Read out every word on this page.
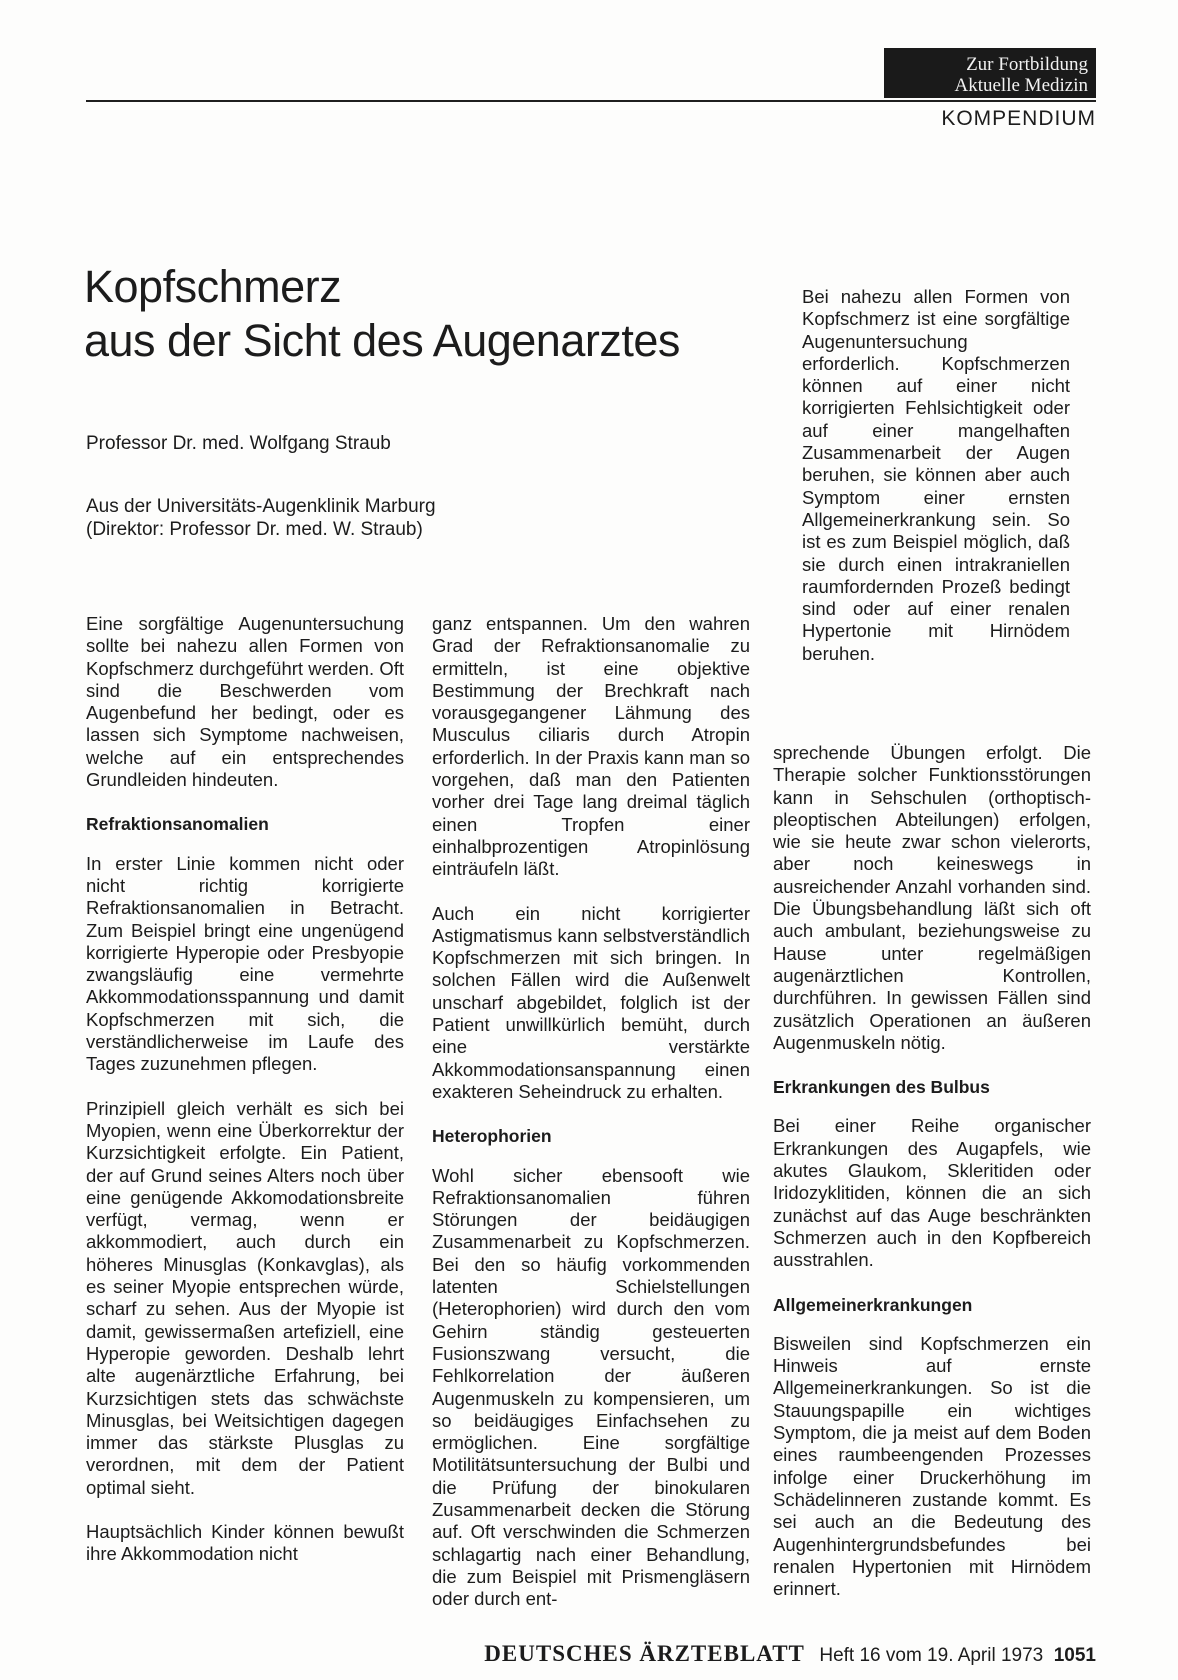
Zur Fortbildung
Aktuelle Medizin
KOMPENDIUM
Kopfschmerz
aus der Sicht des Augenarztes
Professor Dr. med. Wolfgang Straub
Aus der Universitäts-Augenklinik Marburg
(Direktor: Professor Dr. med. W. Straub)
Bei nahezu allen Formen von Kopfschmerz ist eine sorgfältige Augenuntersuchung erforderlich. Kopfschmerzen können auf einer nicht korrigierten Fehlsichtigkeit oder auf einer mangelhaften Zusammenarbeit der Augen beruhen, sie können aber auch Symptom einer ernsten Allgemeinerkrankung sein. So ist es zum Beispiel möglich, daß sie durch einen intrakraniellen raumfordernden Prozeß bedingt sind oder auf einer renalen Hypertonie mit Hirnödem beruhen.

Eine sorgfältige Augenuntersuchung sollte bei nahezu allen Formen von Kopfschmerz durchgeführt werden. Oft sind die Beschwerden vom Augenbefund her bedingt, oder es lassen sich Symptome nachweisen, welche auf ein entsprechendes Grundleiden hindeuten.

Refraktionsanomalien

In erster Linie kommen nicht oder nicht richtig korrigierte Refraktionsanomalien in Betracht. Zum Beispiel bringt eine ungenügend korrigierte Hyperopie oder Presbyopie zwangsläufig eine vermehrte Akkommodationsspannung und damit Kopfschmerzen mit sich, die verständlicherweise im Laufe des Tages zuzunehmen pflegen.

Prinzipiell gleich verhält es sich bei Myopien, wenn eine Überkorrektur der Kurzsichtigkeit erfolgte. Ein Patient, der auf Grund seines Alters noch über eine genügende Akkomodationsbreite verfügt, vermag, wenn er akkommodiert, auch durch ein höheres Minusglas (Konkavglas), als es seiner Myopie entsprechen würde, scharf zu sehen. Aus der Myopie ist damit, gewissermaßen artefiziell, eine Hyperopie geworden. Deshalb lehrt alte augenärztliche Erfahrung, bei Kurzsichtigen stets das schwächste Minusglas, bei Weitsichtigen dagegen immer das stärkste Plusglas zu verordnen, mit dem der Patient optimal sieht.

Hauptsächlich Kinder können bewußt ihre Akkommodation nicht

ganz entspannen. Um den wahren Grad der Refraktionsanomalie zu ermitteln, ist eine objektive Bestimmung der Brechkraft nach vorausgegangener Lähmung des Musculus ciliaris durch Atropin erforderlich. In der Praxis kann man so vorgehen, daß man den Patienten vorher drei Tage lang dreimal täglich einen Tropfen einer einhalbprozentigen Atropinlösung einträufeln läßt.

Auch ein nicht korrigierter Astigmatismus kann selbstverständlich Kopfschmerzen mit sich bringen. In solchen Fällen wird die Außenwelt unscharf abgebildet, folglich ist der Patient unwillkürlich bemüht, durch eine verstärkte Akkommodationsanspannung einen exakteren Seheindruck zu erhalten.

Heterophorien

Wohl sicher ebensooft wie Refraktionsanomalien führen Störungen der beidäugigen Zusammenarbeit zu Kopfschmerzen. Bei den so häufig vorkommenden latenten Schielstellungen (Heterophorien) wird durch den vom Gehirn ständig gesteuerten Fusionszwang versucht, die Fehlkorrelation der äußeren Augenmuskeln zu kompensieren, um so beidäugiges Einfachsehen zu ermöglichen. Eine sorgfältige Motilitätsuntersuchung der Bulbi und die Prüfung der binokularen Zusammenarbeit decken die Störung auf. Oft verschwinden die Schmerzen schlagartig nach einer Behandlung, die zum Beispiel mit Prismengläsern oder durch ent-

sprechende Übungen erfolgt. Die Therapie solcher Funktionsstörungen kann in Sehschulen (orthoptisch-pleoptischen Abteilungen) erfolgen, wie sie heute zwar schon vielerorts, aber noch keineswegs in ausreichender Anzahl vorhanden sind. Die Übungsbehandlung läßt sich oft auch ambulant, beziehungsweise zu Hause unter regelmäßigen augenärztlichen Kontrollen, durchführen. In gewissen Fällen sind zusätzlich Operationen an äußeren Augenmuskeln nötig.

Erkrankungen des Bulbus

Bei einer Reihe organischer Erkrankungen des Augapfels, wie akutes Glaukom, Skleritiden oder Iridozyklitiden, können die an sich zunächst auf das Auge beschränkten Schmerzen auch in den Kopfbereich ausstrahlen.

Allgemeinerkrankungen

Bisweilen sind Kopfschmerzen ein Hinweis auf ernste Allgemeinerkrankungen. So ist die Stauungspapille ein wichtiges Symptom, die ja meist auf dem Boden eines raumbeengenden Prozesses infolge einer Druckerhöhung im Schädelinneren zustande kommt. Es sei auch an die Bedeutung des Augenhintergrundsbefundes bei renalen Hypertonien mit Hirnödem erinnert.

DEUTSCHES ÄRZTEBLATT Heft 16 vom 19. April 1973 1051
